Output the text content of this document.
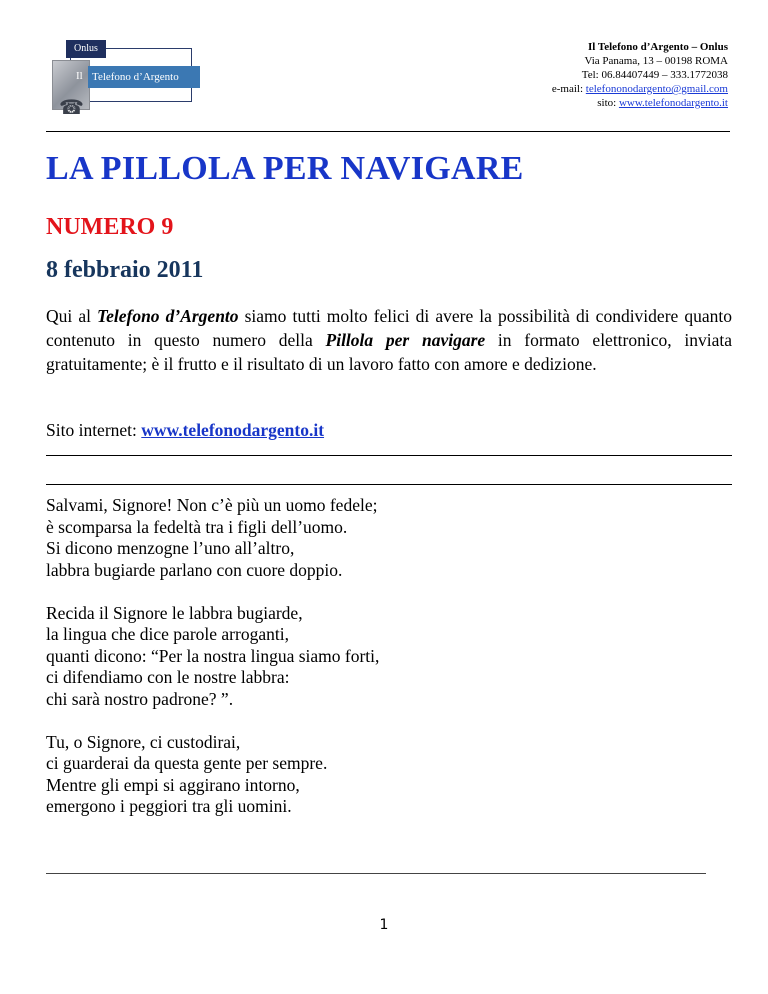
☎
Onlus
Il Telefono d’Argento
Il Telefono d’Argento – Onlus
Via Panama, 13 – 00198 ROMA
Tel: 06.84407449 – 333.1772038
e-mail: telefononodargento@gmail.com
sito: www.telefonodargento.it
LA PILLOLA PER NAVIGARE
NUMERO 9
8 febbraio 2011
Qui al Telefono d’Argento siamo tutti molto felici di avere la possibilità di condividere quanto contenuto in questo numero della Pillola per navigare in formato elettronico, inviata gratuitamente; è il frutto e il risultato di un lavoro fatto con amore e dedizione.
Sito internet: www.telefonodargento.it
Salvami, Signore! Non c’è più un uomo fedele;
è scomparsa la fedeltà tra i figli dell’uomo.
Si dicono menzogne l’uno all’altro,
labbra bugiarde parlano con cuore doppio.
Recida il Signore le labbra bugiarde,
la lingua che dice parole arroganti,
quanti dicono: “Per la nostra lingua siamo forti,
ci difendiamo con le nostre labbra:
chi sarà nostro padrone? ”.
Tu, o Signore, ci custodirai,
ci guarderai da questa gente per sempre.
Mentre gli empi si aggirano intorno,
emergono i peggiori tra gli uomini.
1
